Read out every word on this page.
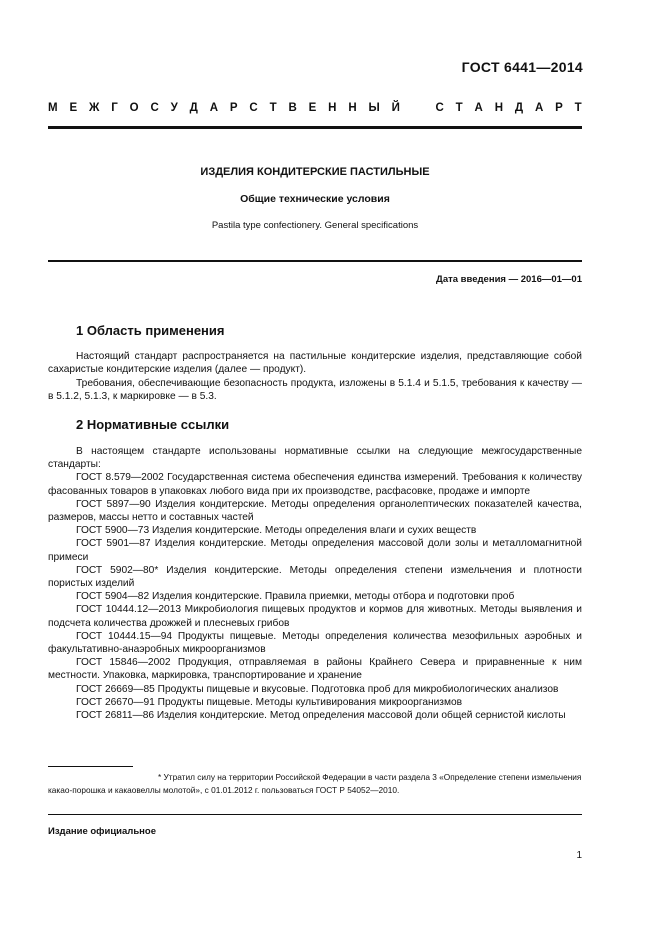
ГОСТ 6441—2014
М Е Ж Г О С У Д А Р С Т В Е Н Н Ы Й	С Т А Н Д А Р Т
ИЗДЕЛИЯ КОНДИТЕРСКИЕ ПАСТИЛЬНЫЕ
Общие технические условия
Pastila type confectionery. General specifications
Дата введения — 2016—01—01
1 Область применения
Настоящий стандарт распространяется на пастильные кондитерские изделия, представляющие собой сахаристые кондитерские изделия (далее — продукт).
Требования, обеспечивающие безопасность продукта, изложены в 5.1.4 и 5.1.5, требования к качеству — в 5.1.2, 5.1.3, к маркировке — в 5.3.
2 Нормативные ссылки

В настоящем стандарте использованы нормативные ссылки на следующие межгосударственные стандарты:

ГОСТ 8.579—2002 Государственная система обеспечения единства измерений. Требования к количеству фасованных товаров в упаковках любого вида при их производстве, расфасовке, продаже и импорте

ГОСТ 5897—90 Изделия кондитерские. Методы определения органолептических показателей качества, размеров, массы нетто и составных частей

ГОСТ 5900—73 Изделия кондитерские. Методы определения влаги и сухих веществ

ГОСТ 5901—87 Изделия кондитерские. Методы определения массовой доли золы и металломагнитной примеси

ГОСТ 5902—80* Изделия кондитерские. Методы определения степени измельчения и плотности пористых изделий

ГОСТ 5904—82 Изделия кондитерские. Правила приемки, методы отбора и подготовки проб

ГОСТ 10444.12—2013 Микробиология пищевых продуктов и кормов для животных. Методы выявления и подсчета количества дрожжей и плесневых грибов

ГОСТ 10444.15—94 Продукты пищевые. Методы определения количества мезофильных аэробных и факультативно-анаэробных микроорганизмов

ГОСТ 15846—2002 Продукция, отправляемая в районы Крайнего Севера и приравненные к ним местности. Упаковка, маркировка, транспортирование и хранение

ГОСТ 26669—85 Продукты пищевые и вкусовые. Подготовка проб для микробиологических анализов

ГОСТ 26670—91 Продукты пищевые. Методы культивирования микроорганизмов

ГОСТ 26811—86 Изделия кондитерские. Метод определения массовой доли общей сернистой кислоты

* Утратил силу на территории Российской Федерации в части раздела 3 «Определение степени измельчения какао-порошка и какаовеллы молотой», с 01.01.2012 г. пользоваться ГОСТ Р 54052—2010.
Издание официальное
1
